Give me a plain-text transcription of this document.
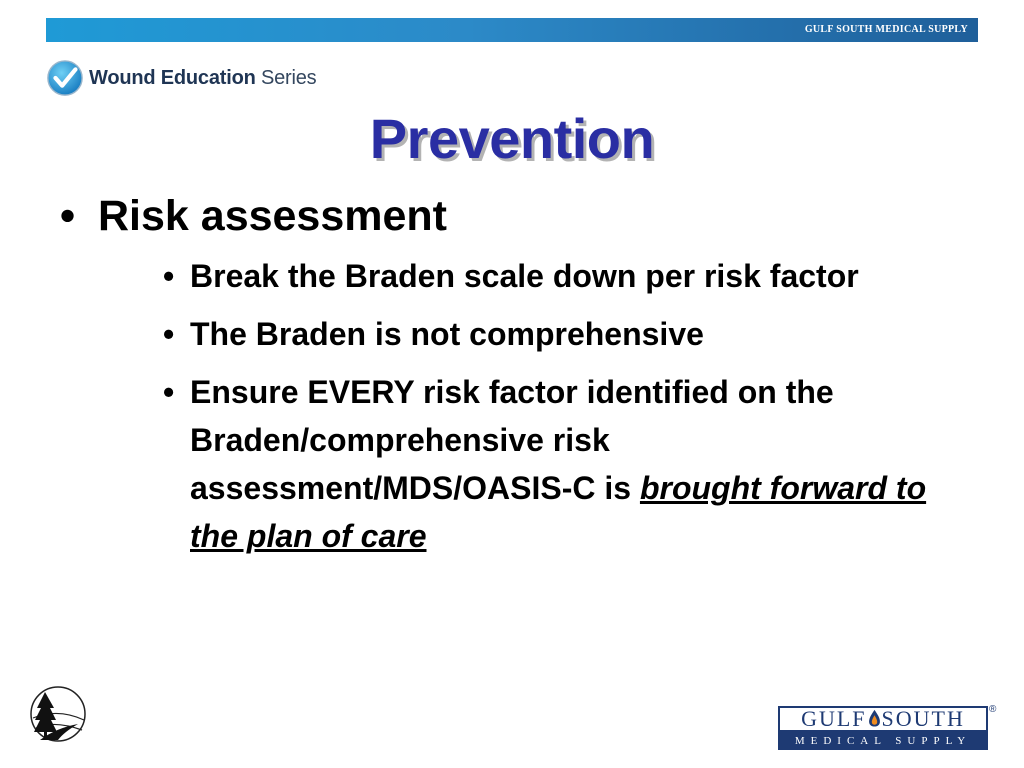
GULF SOUTH MEDICAL SUPPLY
Wound Education Series
Prevention
• Risk assessment
• Break the Braden scale down per risk factor
• The Braden is not comprehensive
• Ensure EVERY risk factor identified on the Braden/comprehensive risk assessment/MDS/OASIS-C is brought forward to the plan of care
GULF SOUTH
MEDICAL SUPPLY
®
